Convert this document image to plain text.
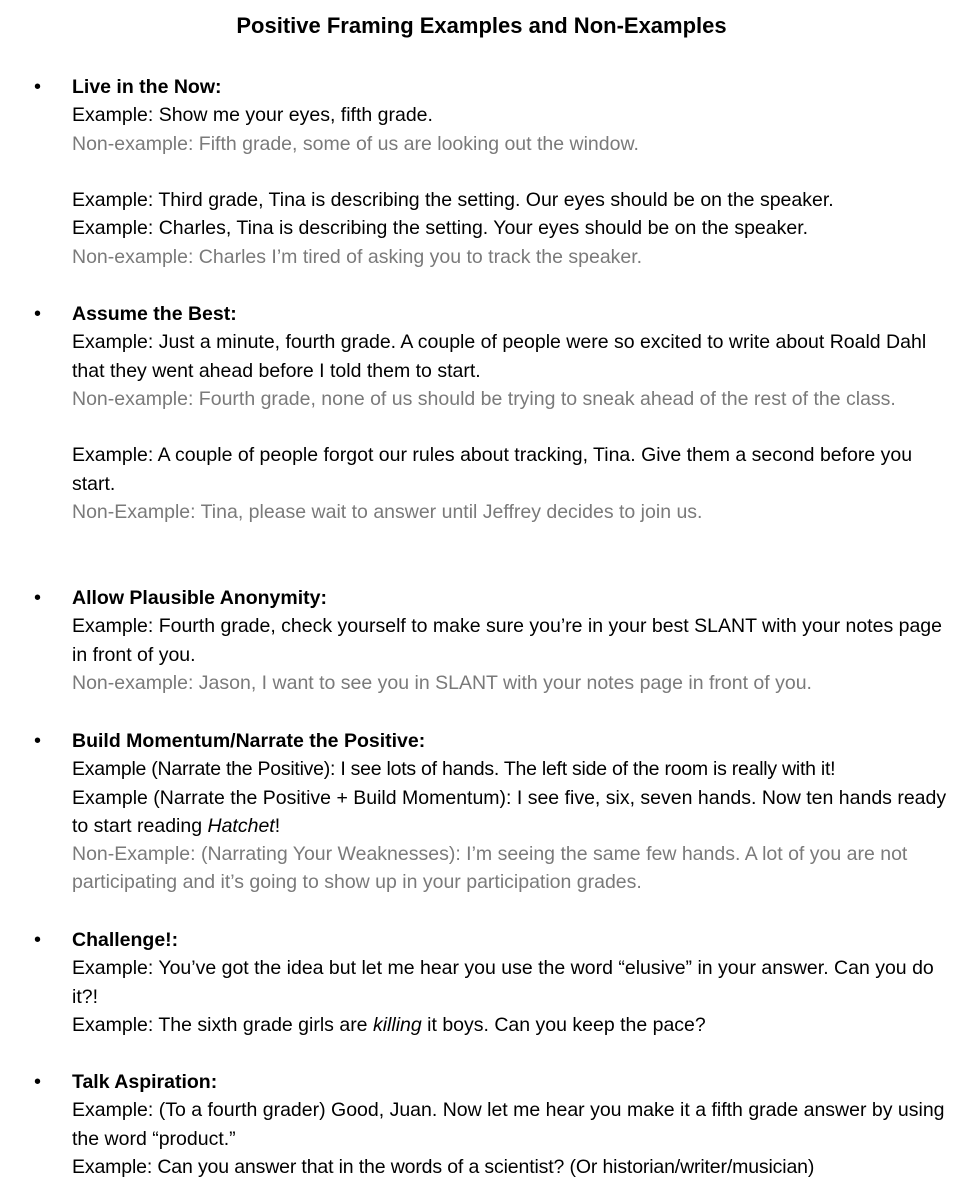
Positive Framing Examples and Non-Examples
• Live in the Now:
Example: Show me your eyes, fifth grade.
Non-example: Fifth grade, some of us are looking out the window.
Example: Third grade, Tina is describing the setting. Our eyes should be on the speaker.
Example: Charles, Tina is describing the setting. Your eyes should be on the speaker.
Non-example: Charles I’m tired of asking you to track the speaker.
• Assume the Best:
Example: Just a minute, fourth grade. A couple of people were so excited to write about Roald Dahl that they went ahead before I told them to start.
Non-example: Fourth grade, none of us should be trying to sneak ahead of the rest of the class.
Example: A couple of people forgot our rules about tracking, Tina. Give them a second before you start.
Non-Example: Tina, please wait to answer until Jeffrey decides to join us.
• Allow Plausible Anonymity:
Example: Fourth grade, check yourself to make sure you’re in your best SLANT with your notes page in front of you.
Non-example: Jason, I want to see you in SLANT with your notes page in front of you.
• Build Momentum/Narrate the Positive:
Example (Narrate the Positive): I see lots of hands. The left side of the room is really with it!
Example (Narrate the Positive + Build Momentum): I see five, six, seven hands. Now ten hands ready to start reading Hatchet!
Non-Example: (Narrating Your Weaknesses): I’m seeing the same few hands. A lot of you are not participating and it’s going to show up in your participation grades.
• Challenge!:
Example: You’ve got the idea but let me hear you use the word “elusive” in your answer. Can you do it?!
Example: The sixth grade girls are killing it boys. Can you keep the pace?
• Talk Aspiration:
Example: (To a fourth grader) Good, Juan. Now let me hear you make it a fifth grade answer by using the word “product.”
Example: Can you answer that in the words of a scientist? (Or historian/writer/musician)
